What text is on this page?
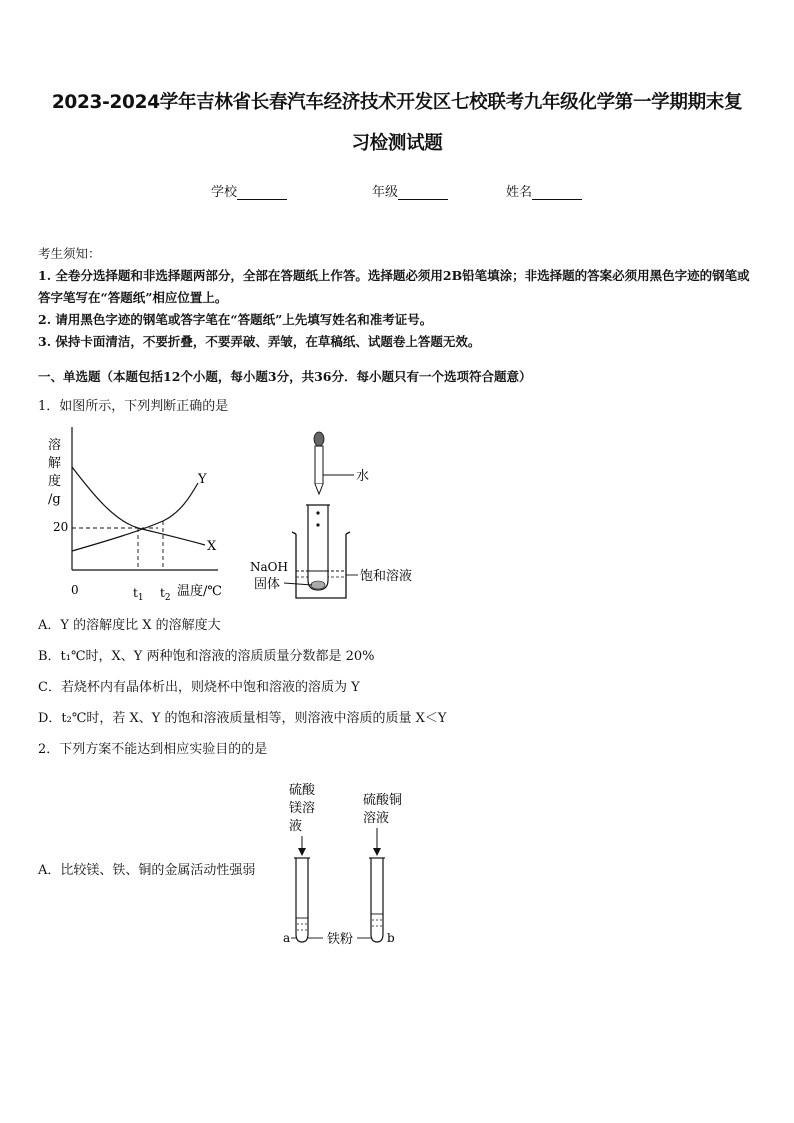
2023-2024学年吉林省长春汽车经济技术开发区七校联考九年级化学第一学期期末复
习检测试题
学校	年级	姓名
考生须知：
1. 全卷分选择题和非选择题两部分，全部在答题纸上作答。选择题必须用2B铅笔填涂；非选择题的答案必须用黑色字迹的钢笔或答字笔写在“答题纸”相应位置上。
2. 请用黑色字迹的钢笔或答字笔在“答题纸”上先填写姓名和准考证号。
3. 保持卡面清洁，不要折叠，不要弄破、弄皱，在草稿纸、试题卷上答题无效。
一、单选题（本题包括12个小题，每小题3分，共36分．每小题只有一个选项符合题意）
1．如图所示，下列判断正确的是
溶
解
度
/g
20
Y
X
0	$t_1$ $t_2$ 温度/℃
水
NaOH
固体
饱和溶液
A．Y 的溶解度比 X 的溶解度大
B．t₁℃时，X、Y 两种饱和溶液的溶质质量分数都是 20%
C．若烧杯内有晶体析出，则烧杯中饱和溶液的溶质为 Y
D．t₂℃时，若 X、Y 的饱和溶液质量相等，则溶液中溶质的质量 X＜Y
2．下列方案不能达到相应实验目的的是
A．比较镁、铁、铜的金属活动性强弱
硫酸
镁溶
液
硫酸铜
溶液
a	b
铁粉
